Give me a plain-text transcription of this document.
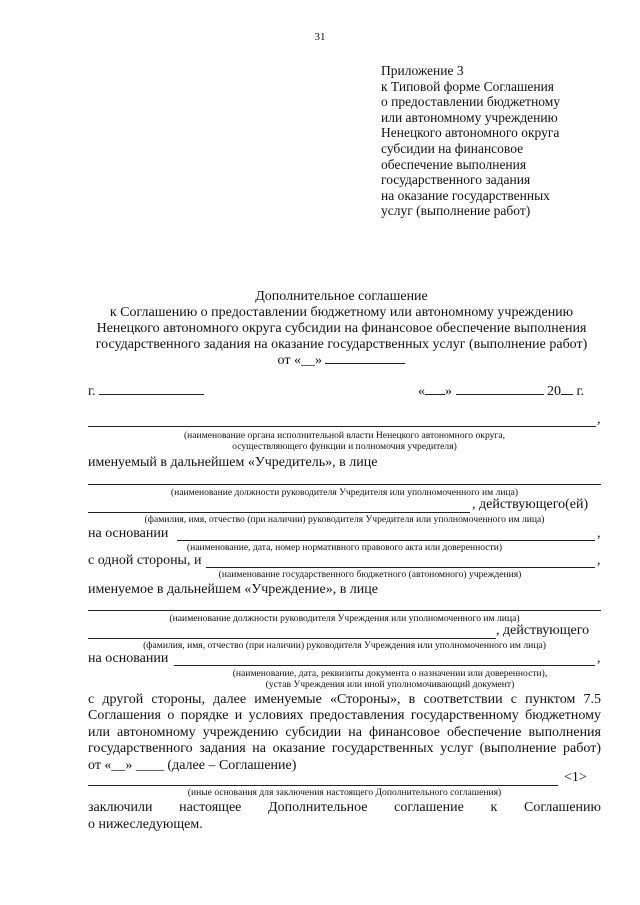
31
Приложение 3
к Типовой форме Соглашения
о предоставлении бюджетному
или автономному учреждению
Ненецкого автономного округа
субсидии на финансовое
обеспечение выполнения
государственного задания
на оказание государственных
услуг (выполнение работ)
Дополнительное соглашение
к Соглашению о предоставлении бюджетному или автономному учреждению
Ненецкого автономного округа субсидии на финансовое обеспечение выполнения
государственного задания на оказание государственных услуг (выполнение работ)
от «__»
г.	« »	20 г.
,
(наименование органа исполнительной власти Ненецкого автономного округа,
осуществляющего функции и полномочия учредителя)
именуемый в дальнейшем «Учредитель», в лице
(наименование должности руководителя Учредителя или уполномоченного им лица)
, действующего(ей)
(фамилия, имя, отчество (при наличии) руководителя Учредителя или уполномоченного им лица)
на основании	,
(наименование, дата, номер нормативного правового акта или доверенности)
с одной стороны, и	,
(наименование государственного бюджетного (автономного) учреждения)
именуемое в дальнейшем «Учреждение», в лице
(наименование должности руководителя Учреждения или уполномоченного им лица)
, действующего
(фамилия, имя, отчество (при наличии) руководителя Учреждения или уполномоченного им лица)
на основании	,
(наименование, дата, реквизиты документа о назначении или доверенности),
(устав Учреждения или иной уполномочивающий документ)
с другой стороны, далее именуемые «Стороны», в соответствии с пунктом 7.5
Соглашения о порядке и условиях предоставления государственному бюджетному
или автономному учреждению субсидии на финансовое обеспечение выполнения
государственного задания на оказание государственных услуг (выполнение работ)
от «__» ____ (далее – Соглашение)
<1>
(иные основания для заключения настоящего Дополнительного соглашения)
заключили настоящее Дополнительное соглашение к Соглашению
о нижеследующем.
